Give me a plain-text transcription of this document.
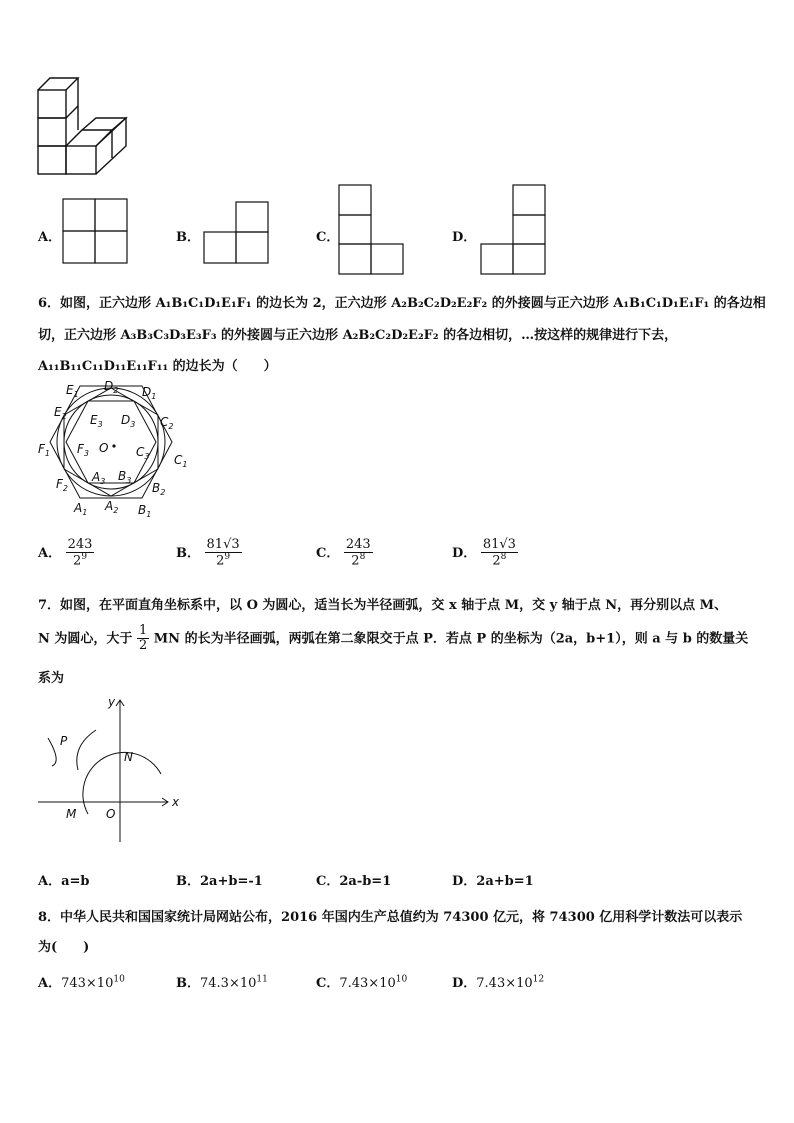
A．	B．	C．	D．
6．如图，正六边形 A₁B₁C₁D₁E₁F₁ 的边长为 2，正六边形 A₂B₂C₂D₂E₂F₂ 的外接圆与正六边形 A₁B₁C₁D₁E₁F₁ 的各边相
切，正六边形 A₃B₃C₃D₃E₃F₃ 的外接圆与正六边形 A₂B₂C₂D₂E₂F₂ 的各边相切，…按这样的规律进行下去，
A₁₁B₁₁C₁₁D₁₁E₁₁F₁₁ 的边长为（　　）
$E_1$
$D_2$ $D_1$
$E_2$	$C_2$
$E_3$ $D_3$
$F_1$ $F_3$ O $C_3$ $C_1$
$F_2$
$A_3$ $B_3$
$B_2$
$A_1$ $A_2$ $B_1$
A． $\frac{243}{2^9}$	B． $\frac{81√3}{2^9}$	C． $\frac{243}{2^8}$	D． $\frac{81√3}{2^8}$
7．如图，在平面直角坐标系中，以 O 为圆心，适当长为半径画弧，交 x 轴于点 M，交 y 轴于点 N，再分别以点 M、
N 为圆心，大于 $\frac{1}{2}$ MN 的长为半径画弧，两弧在第二象限交于点 P．若点 P 的坐标为（2a，b+1），则 a 与 b 的数量关
系为
y
x
P
N
M O
A．a=b	B．2a+b=-1	C．2a-b=1	D．2a+b=1
8．中华人民共和国国家统计局网站公布，2016 年国内生产总值约为 74300 亿元，将 74300 亿用科学计数法可以表示
为(　　)
A．$743\times 10^{10}$	B．$74.3\times 10^{11}$	C．$7.43\times 10^{10}$	D．$7.43\times 10^{12}$
